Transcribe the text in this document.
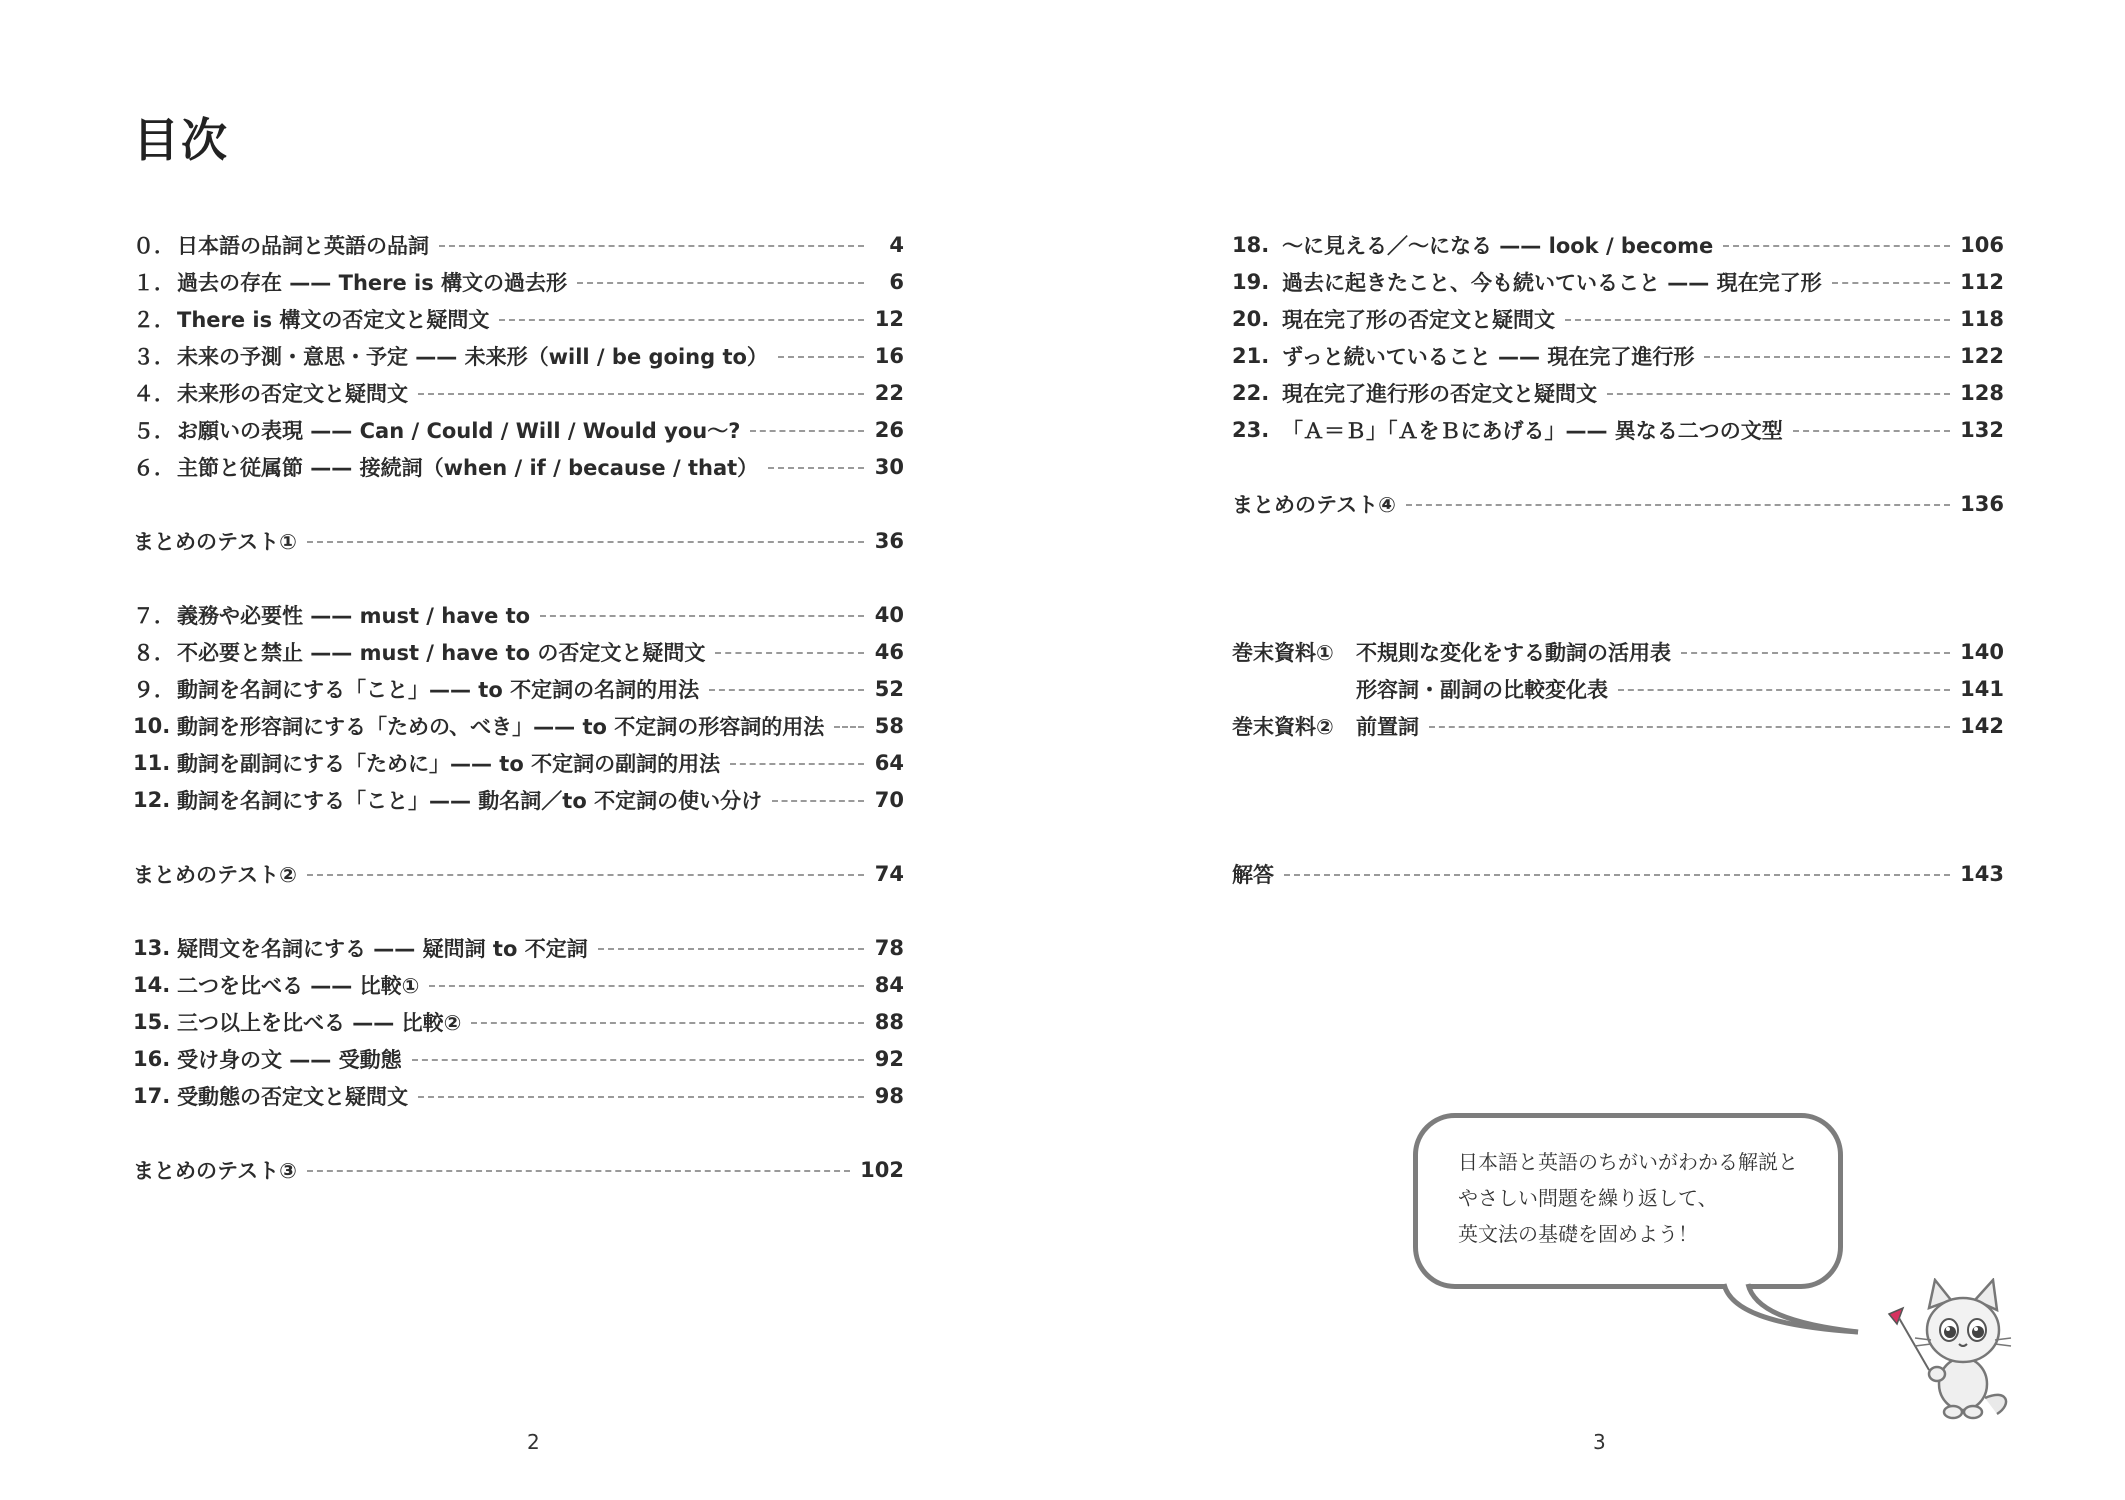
目次
０． 日本語の品詞と英語の品詞	4
１． 過去の存在 —— There is 構文の過去形	6
２． There is 構文の否定文と疑問文	12
３． 未来の予測・意思・予定 —— 未来形（will / be going to）	16
４． 未来形の否定文と疑問文	22
５． お願いの表現 —— Can / Could / Will / Would you～?	26
６． 主節と従属節 —— 接続詞（when / if / because / that）	30
まとめのテスト①	36
７． 義務や必要性 —— must / have to	40
８． 不必要と禁止 —— must / have to の否定文と疑問文	46
９． 動詞を名詞にする「こと」—— to 不定詞の名詞的用法	52
10. 動詞を形容詞にする「ための、べき」—— to 不定詞の形容詞的用法 58
11. 動詞を副詞にする「ために」—— to 不定詞の副詞的用法	64
12. 動詞を名詞にする「こと」—— 動名詞／to 不定詞の使い分け	70
まとめのテスト②	74
13. 疑問文を名詞にする —— 疑問詞 to 不定詞	78
14. 二つを比べる —— 比較①	84
15. 三つ以上を比べる —— 比較②	88
16. 受け身の文 —— 受動態	92
17. 受動態の否定文と疑問文	98
まとめのテスト③	102
18. ～に見える／～になる —— look / become	106
19. 過去に起きたこと、今も続いていること —— 現在完了形	112
20. 現在完了形の否定文と疑問文	118
21. ずっと続いていること —— 現在完了進行形	122
22. 現在完了進行形の否定文と疑問文	128
23. 「Ａ＝Ｂ」「ＡをＢにあげる」—— 異なる二つの文型	132
まとめのテスト④	136
巻末資料①	不規則な変化をする動詞の活用表	140
形容詞・副詞の比較変化表	141
巻末資料②	前置詞	142
解答	143
日本語と英語のちがいがわかる解説と
やさしい問題を繰り返して、
英文法の基礎を固めよう！
2	3
